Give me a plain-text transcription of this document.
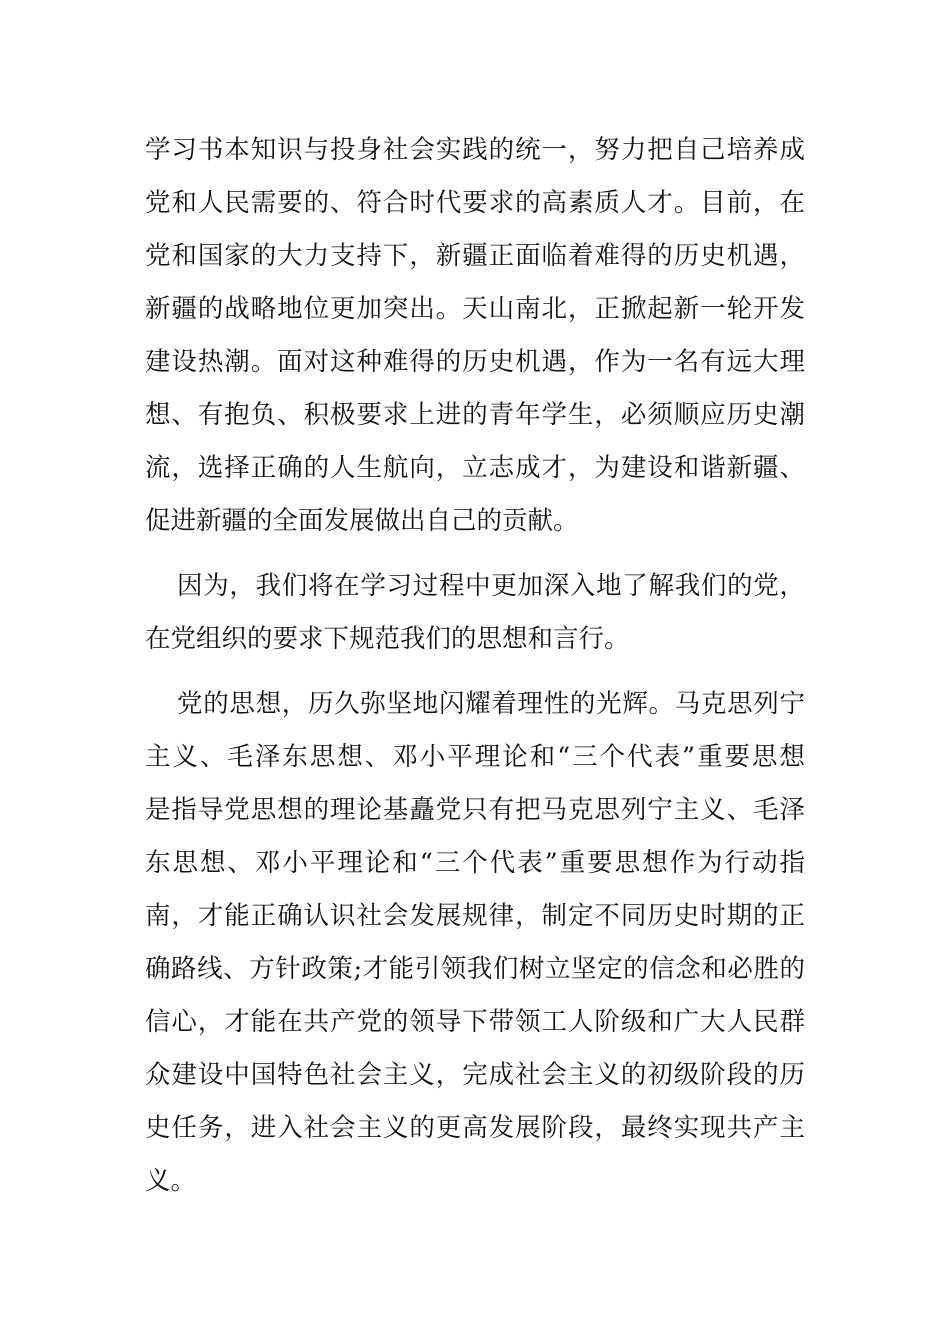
学习书本知识与投身社会实践的统一，努力把自己培养成
党和人民需要的、符合时代要求的高素质人才。目前，在
党和国家的大力支持下，新疆正面临着难得的历史机遇，
新疆的战略地位更加突出。天山南北，正掀起新一轮开发
建设热潮。面对这种难得的历史机遇，作为一名有远大理
想、有抱负、积极要求上进的青年学生，必须顺应历史潮
流，选择正确的人生航向，立志成才，为建设和谐新疆、
促进新疆的全面发展做出自己的贡献。
因为，我们将在学习过程中更加深入地了解我们的党，
在党组织的要求下规范我们的思想和言行。
党的思想，历久弥坚地闪耀着理性的光辉。马克思列宁
主义、毛泽东思想、邓小平理论和“三个代表”重要思想
是指导党思想的理论基矗党只有把马克思列宁主义、毛泽
东思想、邓小平理论和“三个代表”重要思想作为行动指
南，才能正确认识社会发展规律，制定不同历史时期的正
确路线、方针政策;才能引领我们树立坚定的信念和必胜的
信心，才能在共产党的领导下带领工人阶级和广大人民群
众建设中国特色社会主义，完成社会主义的初级阶段的历
史任务，进入社会主义的更高发展阶段，最终实现共产主
义。
